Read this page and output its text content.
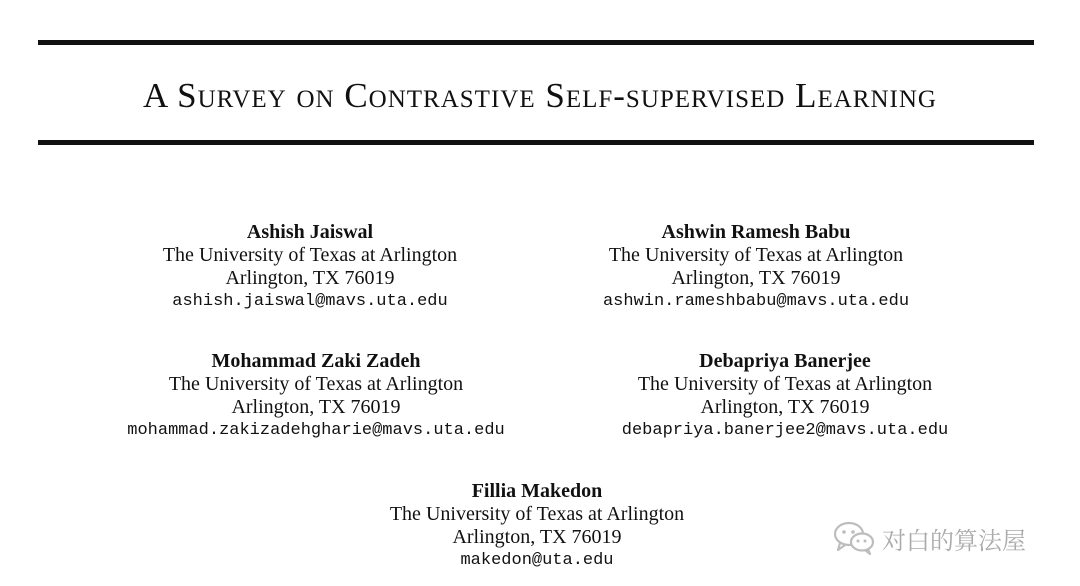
A Survey on Contrastive Self-supervised Learning
Ashish Jaiswal
The University of Texas at Arlington
Arlington, TX 76019
ashish.jaiswal@mavs.uta.edu
Ashwin Ramesh Babu
The University of Texas at Arlington
Arlington, TX 76019
ashwin.rameshbabu@mavs.uta.edu
Mohammad Zaki Zadeh
The University of Texas at Arlington
Arlington, TX 76019
mohammad.zakizadehgharie@mavs.uta.edu
Debapriya Banerjee
The University of Texas at Arlington
Arlington, TX 76019
debapriya.banerjee2@mavs.uta.edu
Fillia Makedon
The University of Texas at Arlington
Arlington, TX 76019
makedon@uta.edu
对白的算法屋
